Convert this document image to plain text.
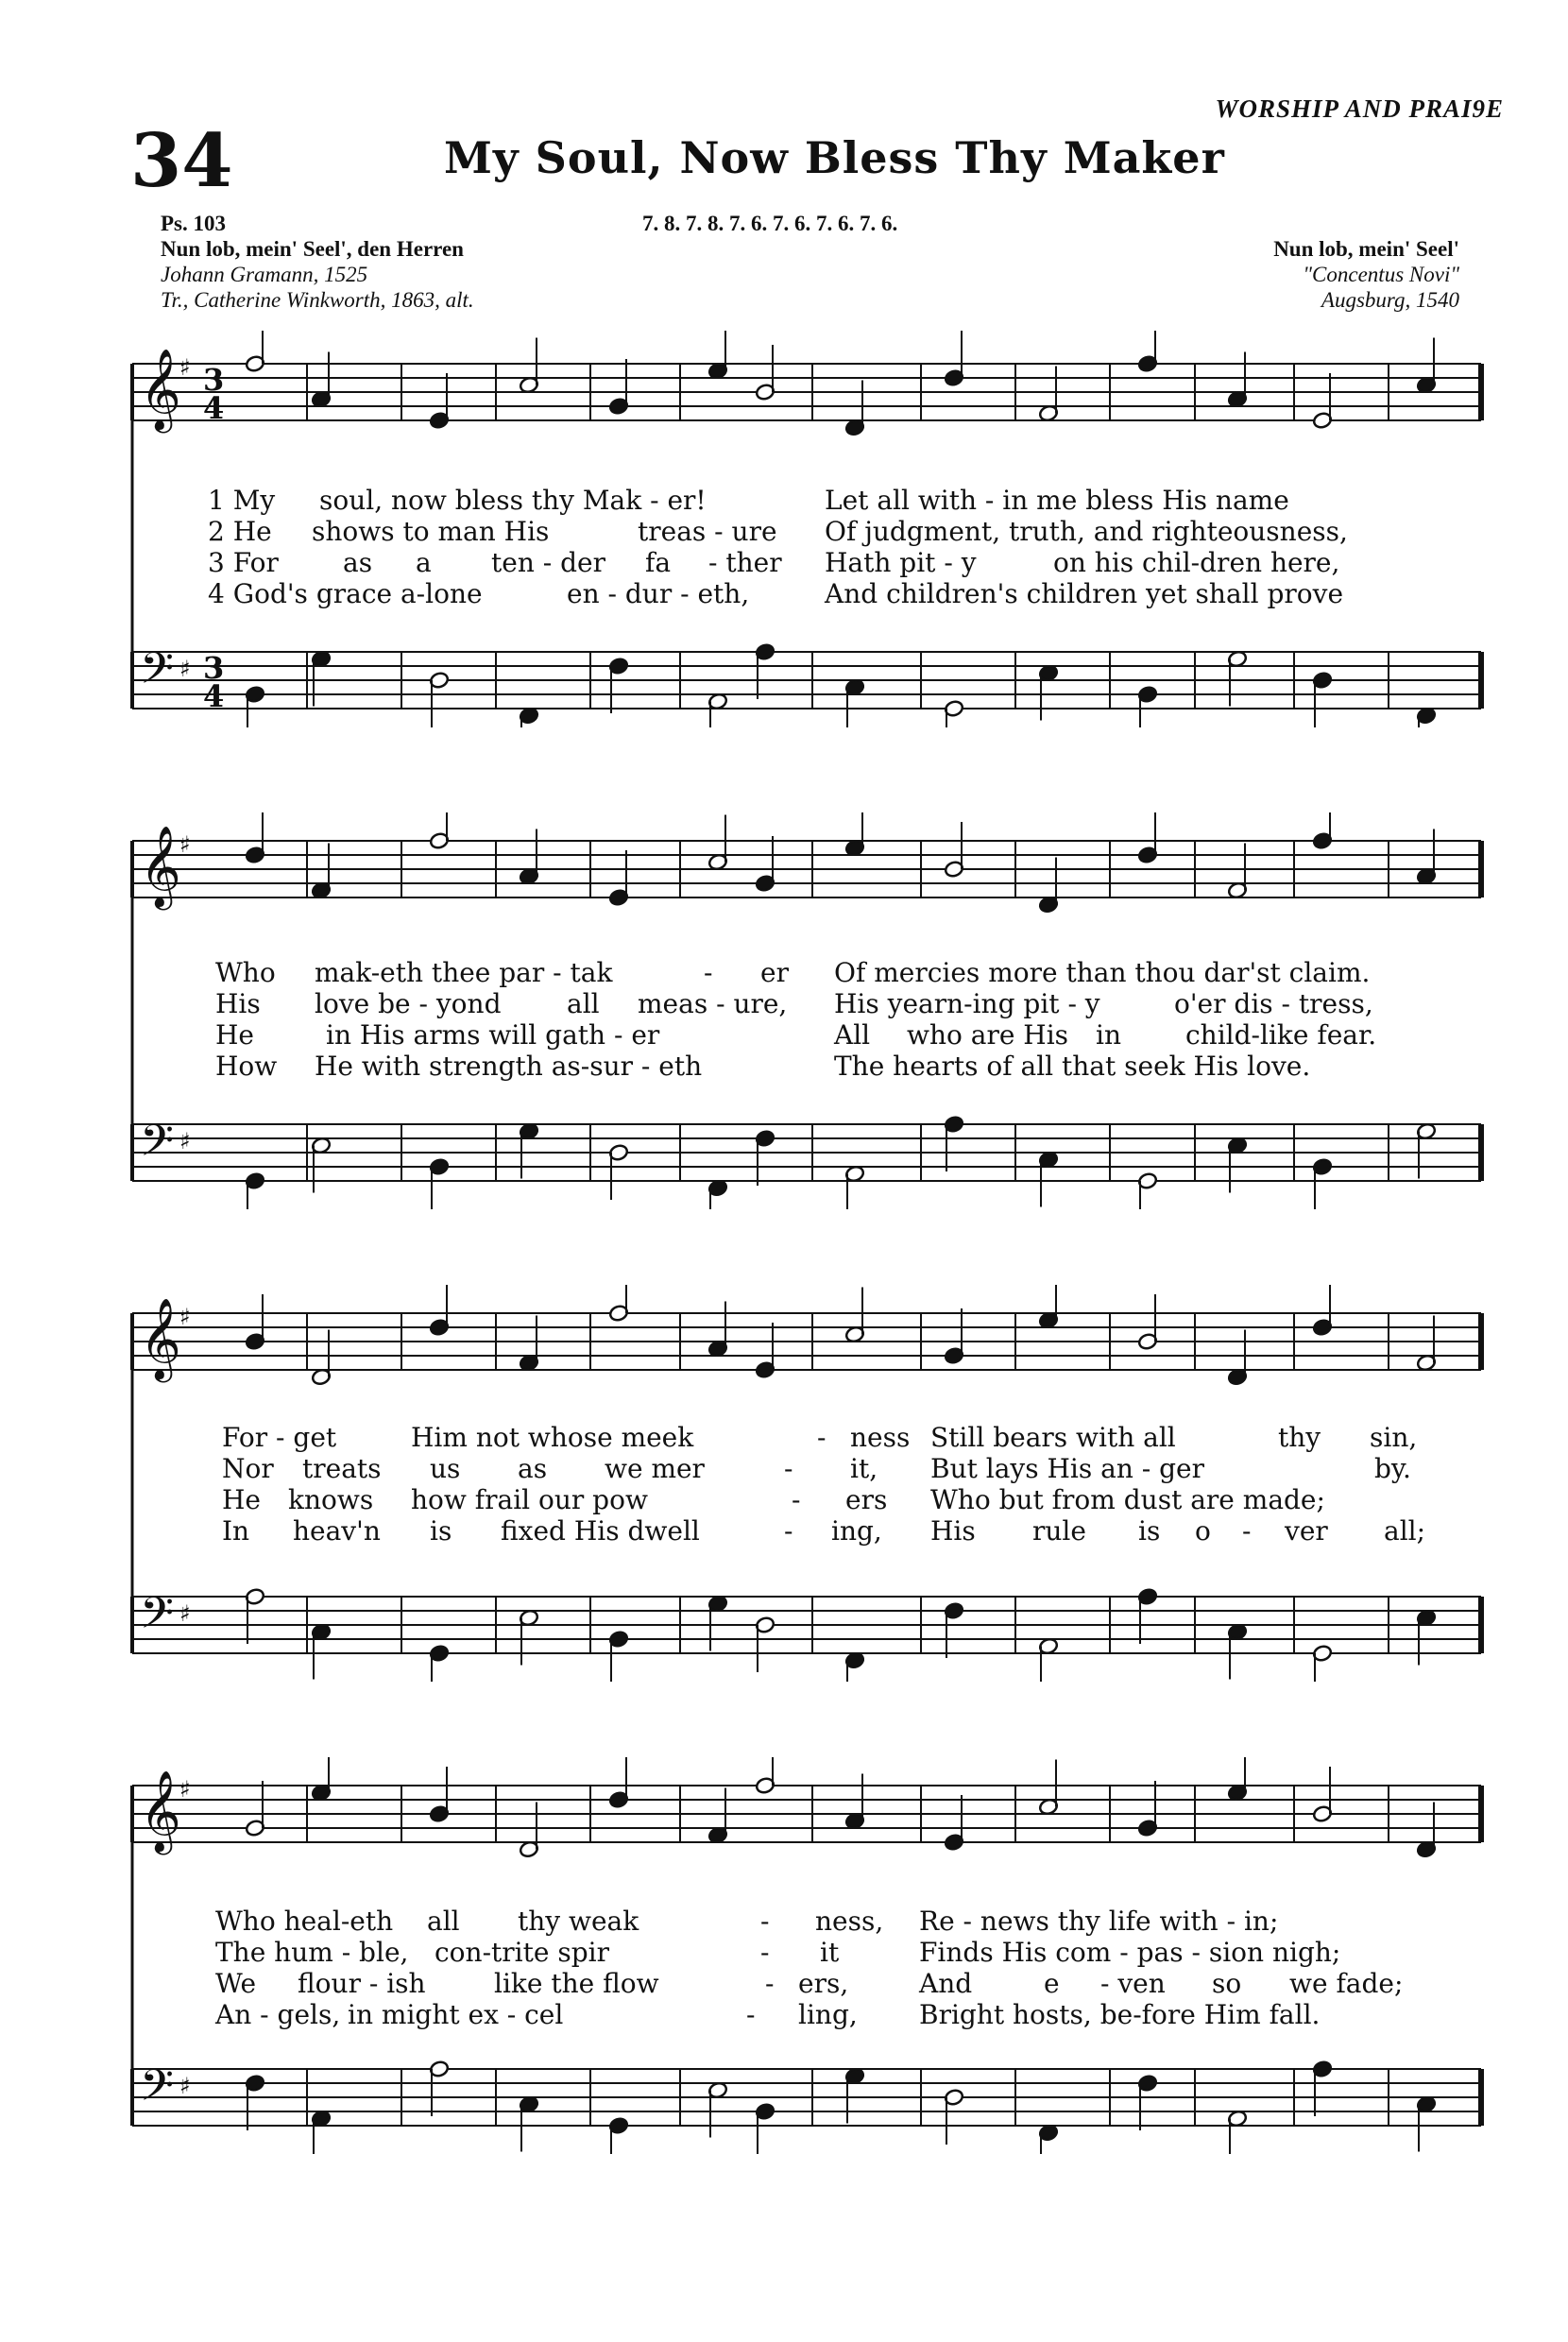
WORSHIP AND PRAI9E
34	My Soul, Now Bless Thy Maker
Ps. 103
Nun lob, mein' Seel', den Herren
Johann Gramann, 1525
Tr., Catherine Winkworth, 1863, alt.
7. 8. 7. 8. 7. 6. 7. 6. 7. 6. 7. 6.
Nun lob, mein' Seel'
"Concentus Novi"
Augsburg, 1540
𝄞
♯ 3
4
𝄢 ♯ 3
4

1 My

soul, now bless thy Mak - er!

	Let all with - in me bless His name

2 He

shows to man His

	treas - ure

Of judgment, truth, and righteousness,

3 For

as

a

ten - der

fa

- ther

Hath pit - y

	on his chil-dren here,

4 God's grace a-lone

	en - dur - eth,

	And children's children yet shall prove

𝄞
♯
𝄢 ♯

Who

mak-eth thee par - tak

	-

er

Of mercies more than thou dar'st claim.

His

love be - yond

all

meas - ure,

His yearn-ing pit - y

	o'er dis - tress,

He

	in His arms will gath - er

	All

who are His

in

child-like fear.

How

He with strength as-sur - eth

	The hearts of all that seek His love.

𝄞
♯
𝄢 ♯

For - get

	Him not whose meek

	-

ness

Still bears with all

	thy

sin,

Nor

treats

us

as

we mer

	-

it,

But lays His an - ger

	by.

He

knows

how frail our pow

	-

ers

Who but from dust are made;

In

heav'n

is

fixed His dwell

	-

ing,

His

rule

is

o

-

ver

all;

𝄞
♯
𝄢 ♯

Who heal-eth

all

thy weak

	-

ness,

Re - news thy life with - in;

The hum - ble,

con-trite spir

	-

it

	Finds His com - pas - sion nigh;

We

flour - ish

	like the flow

	-

ers,

	And

	e

- ven

so

we fade;

An - gels,

in might ex - cel

	-

ling,

Bright hosts, be-fore Him fall.
